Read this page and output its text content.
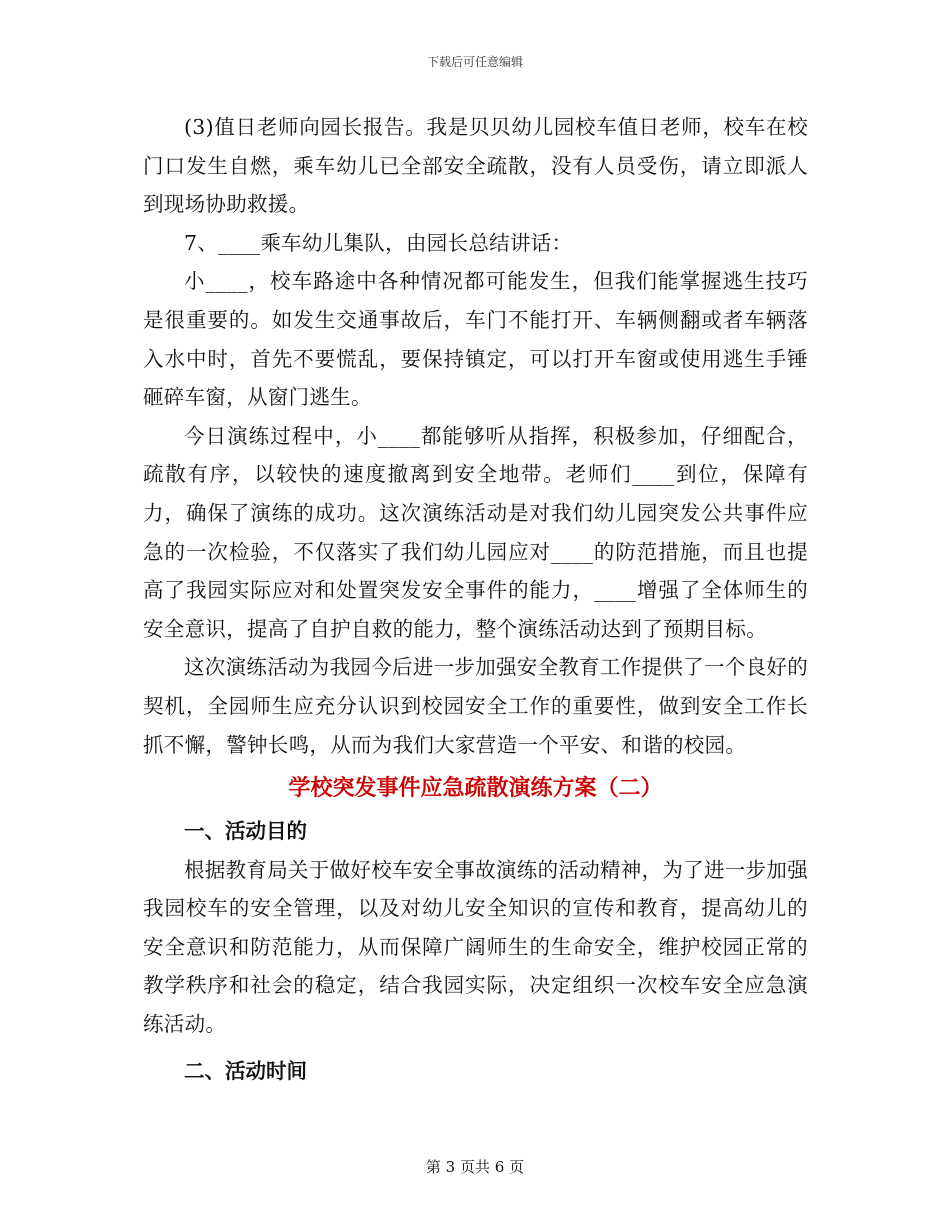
下载后可任意编辑

(3)值日老师向园长报告。我是贝贝幼儿园校车值日老师，校车在校门口发生自燃，乘车幼儿已全部安全疏散，没有人员受伤，请立即派人到现场协助救援。

7、____乘车幼儿集队，由园长总结讲话：

小____，校车路途中各种情况都可能发生，但我们能掌握逃生技巧是很重要的。如发生交通事故后，车门不能打开、车辆侧翻或者车辆落入水中时，首先不要慌乱，要保持镇定，可以打开车窗或使用逃生手锤砸碎车窗，从窗门逃生。

今日演练过程中，小____都能够听从指挥，积极参加，仔细配合，疏散有序，以较快的速度撤离到安全地带。老师们____到位，保障有力，确保了演练的成功。这次演练活动是对我们幼儿园突发公共事件应急的一次检验，不仅落实了我们幼儿园应对____的防范措施，而且也提高了我园实际应对和处置突发安全事件的能力，____增强了全体师生的安全意识，提高了自护自救的能力，整个演练活动达到了预期目标。

这次演练活动为我园今后进一步加强安全教育工作提供了一个良好的契机，全园师生应充分认识到校园安全工作的重要性，做到安全工作长抓不懈，警钟长鸣，从而为我们大家营造一个平安、和谐的校园。

学校突发事件应急疏散演练方案（二）

一、活动目的

根据教育局关于做好校车安全事故演练的活动精神，为了进一步加强我园校车的安全管理，以及对幼儿安全知识的宣传和教育，提高幼儿的安全意识和防范能力，从而保障广阔师生的生命安全，维护校园正常的教学秩序和社会的稳定，结合我园实际，决定组织一次校车安全应急演练活动。

二、活动时间

第 3 页共 6 页
